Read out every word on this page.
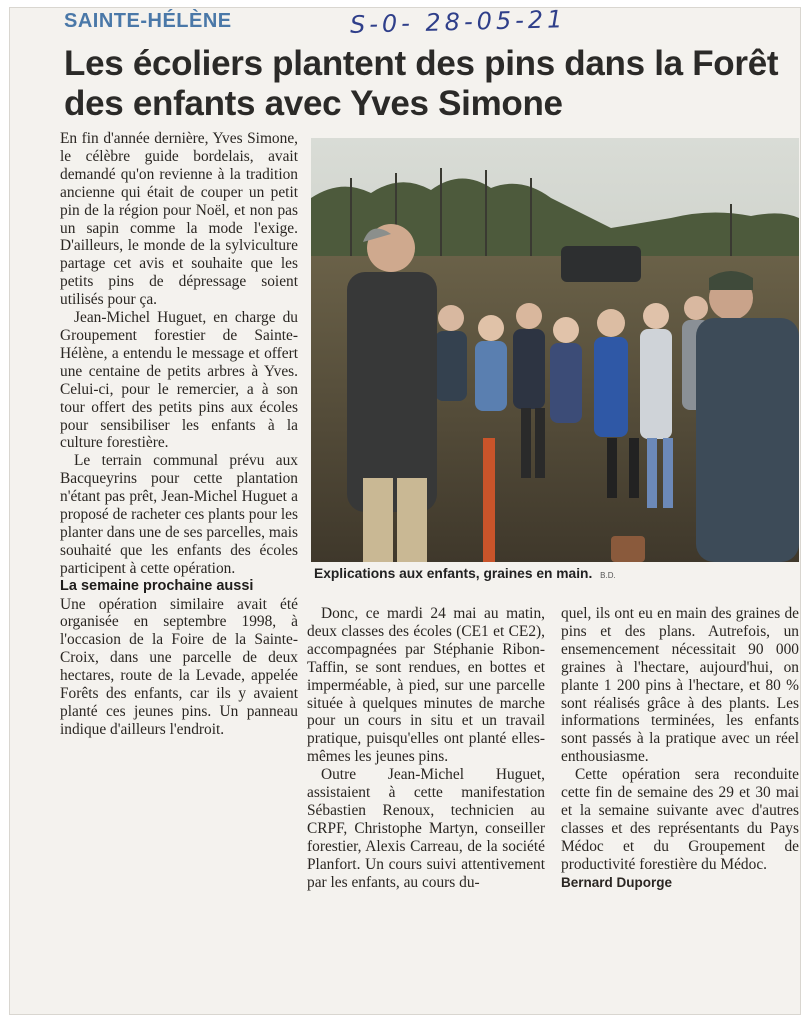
SAINTE-HÉLÈNE	S-0- 28-05-21
Les écoliers plantent des pins dans la Forêt des enfants avec Yves Simone

En fin d'année dernière, Yves Simone, le célèbre guide bordelais, avait demandé qu'on revienne à la tradition ancienne qui était de couper un petit pin de la région pour Noël, et non pas un sapin comme la mode l'exige. D'ailleurs, le monde de la sylviculture partage cet avis et souhaite que les petits pins de dépressage soient utilisés pour ça.

Jean-Michel Huguet, en charge du Groupement forestier de Sainte-Hélène, a entendu le message et offert une centaine de petits arbres à Yves. Celui-ci, pour le remercier, a à son tour offert des petits pins aux écoles pour sensibiliser les enfants à la culture forestière.

Le terrain communal prévu aux Bacqueyrins pour cette plantation n'étant pas prêt, Jean-Michel Huguet a proposé de racheter ces plants pour les planter dans une de ses parcelles, mais souhaité que les enfants des écoles participent à cette opération.

La semaine prochaine aussi

Une opération similaire avait été organisée en septembre 1998, à l'occasion de la Foire de la Sainte-Croix, dans une parcelle de deux hectares, route de la Levade, appelée Forêts des enfants, car ils y avaient planté ces jeunes pins. Un panneau indique d'ailleurs l'endroit.

Explications aux enfants, graines en main. B.D.

Donc, ce mardi 24 mai au matin, deux classes des écoles (CE1 et CE2), accompagnées par Stéphanie Ribon-Taffin, se sont rendues, en bottes et imperméable, à pied, sur une parcelle située à quelques minutes de marche pour un cours in situ et un travail pratique, puisqu'elles ont planté elles-mêmes les jeunes pins.

Outre Jean-Michel Huguet, assistaient à cette manifestation Sébastien Renoux, technicien au CRPF, Christophe Martyn, conseiller forestier, Alexis Carreau, de la société Planfort. Un cours suivi attentivement par les enfants, au cours du-

quel, ils ont eu en main des graines de pins et des plans. Autrefois, un ensemencement nécessitait 90 000 graines à l'hectare, aujourd'hui, on plante 1 200 pins à l'hectare, et 80 % sont réalisés grâce à des plants. Les informations terminées, les enfants sont passés à la pratique avec un réel enthousiasme.

Cette opération sera reconduite cette fin de semaine des 29 et 30 mai et la semaine suivante avec d'autres classes et des représentants du Pays Médoc et du Groupement de productivité forestière du Médoc.

Bernard Duporge
